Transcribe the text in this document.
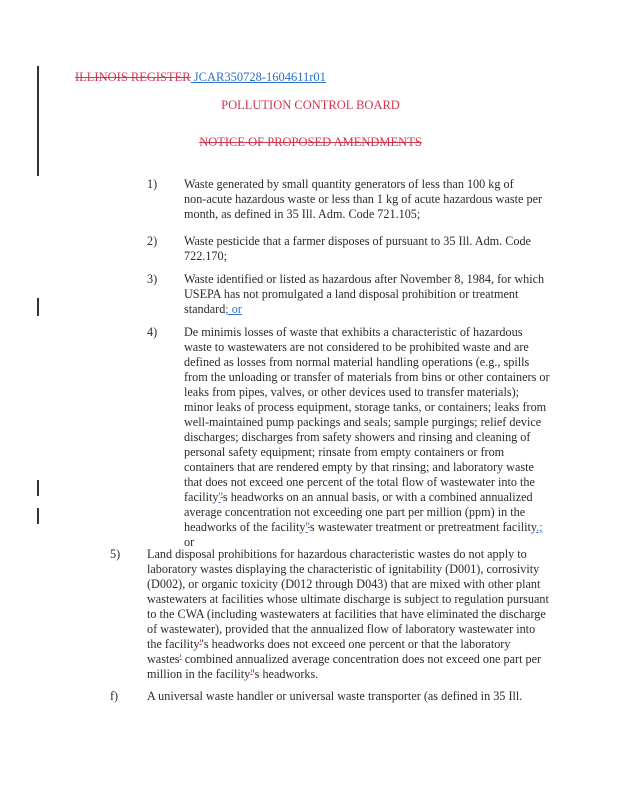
ILLINOIS REGISTER JCAR350728-1604611r01
POLLUTION CONTROL BOARD
NOTICE OF PROPOSED AMENDMENTS
1) Waste generated by small quantity generators of less than 100 kg of

non-acute hazardous waste or less than 1 kg of acute hazardous waste per

month, as defined in 35 Ill. Adm. Code 721.105;

2) Waste pesticide that a farmer disposes of pursuant to 35 Ill. Adm. Code

722.170;

3) Waste identified or listed as hazardous after November 8, 1984, for which

USEPA has not promulgated a land disposal prohibition or treatment

standard; or

4) De minimis losses of waste that exhibits a characteristic of hazardous

waste to wastewaters are not considered to be prohibited waste and are

defined as losses from normal material handling operations (e.g., spills

from the unloading or transfer of materials from bins or other containers or

leaks from pipes, valves, or other devices used to transfer materials);

minor leaks of process equipment, storage tanks, or containers; leaks from

well-maintained pump packings and seals; sample purgings; relief device

discharges; discharges from safety showers and rinsing and cleaning of

personal safety equipment; rinsate from empty containers or from

containers that are rendered empty by that rinsing; and laboratory waste

that does not exceed one percent of the total flow of wastewater into the

facility''s headworks on an annual basis, or with a combined annualized

average concentration not exceeding one part per million (ppm) in the

headworks of the facility''s wastewater treatment or pretreatment facility.;

or

5) Land disposal prohibitions for hazardous characteristic wastes do not apply to

laboratory wastes displaying the characteristic of ignitability (D001), corrosivity

(D002), or organic toxicity (D012 through D043) that are mixed with other plant

wastewaters at facilities whose ultimate discharge is subject to regulation pursuant

to the CWA (including wastewaters at facilities that have eliminated the discharge

of wastewater), provided that the annualized flow of laboratory wastewater into

the facility''s headworks does not exceed one percent or that the laboratory

wastes' combined annualized average concentration does not exceed one part per

million in the facility''s headworks.

f) A universal waste handler or universal waste transporter (as defined in 35 Ill.
